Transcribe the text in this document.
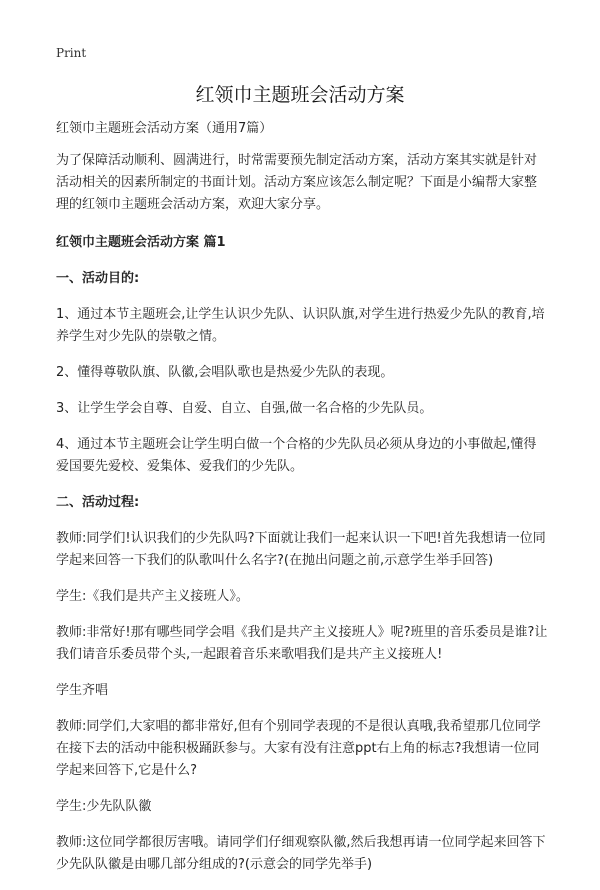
Print
红领巾主题班会活动方案

红领巾主题班会活动方案（通用7篇）

为了保障活动顺利、圆满进行，时常需要预先制定活动方案，活动方案其实就是针对活动相关的因素所制定的书面计划。活动方案应该怎么制定呢？下面是小编帮大家整理的红领巾主题班会活动方案，欢迎大家分享。

红领巾主题班会活动方案 篇1

一、活动目的:

1、通过本节主题班会,让学生认识少先队、认识队旗,对学生进行热爱少先队的教育,培养学生对少先队的崇敬之情。

2、懂得尊敬队旗、队徽,会唱队歌也是热爱少先队的表现。

3、让学生学会自尊、自爱、自立、自强,做一名合格的少先队员。

4、通过本节主题班会让学生明白做一个合格的少先队员必须从身边的小事做起,懂得爱国要先爱校、爱集体、爱我们的少先队。

二、活动过程:

教师:同学们!认识我们的少先队吗?下面就让我们一起来认识一下吧!首先我想请一位同学起来回答一下我们的队歌叫什么名字?(在抛出问题之前,示意学生举手回答)

学生:《我们是共产主义接班人》。

教师:非常好!那有哪些同学会唱《我们是共产主义接班人》呢?班里的音乐委员是谁?让我们请音乐委员带个头,一起跟着音乐来歌唱我们是共产主义接班人!

学生齐唱

教师:同学们,大家唱的都非常好,但有个别同学表现的不是很认真哦,我希望那几位同学在接下去的活动中能积极踊跃参与。大家有没有注意ppt右上角的标志?我想请一位同学起来回答下,它是什么?

学生:少先队队徽

教师:这位同学都很厉害哦。请同学们仔细观察队徽,然后我想再请一位同学起来回答下少先队队徽是由哪几部分组成的?(示意会的同学先举手)
